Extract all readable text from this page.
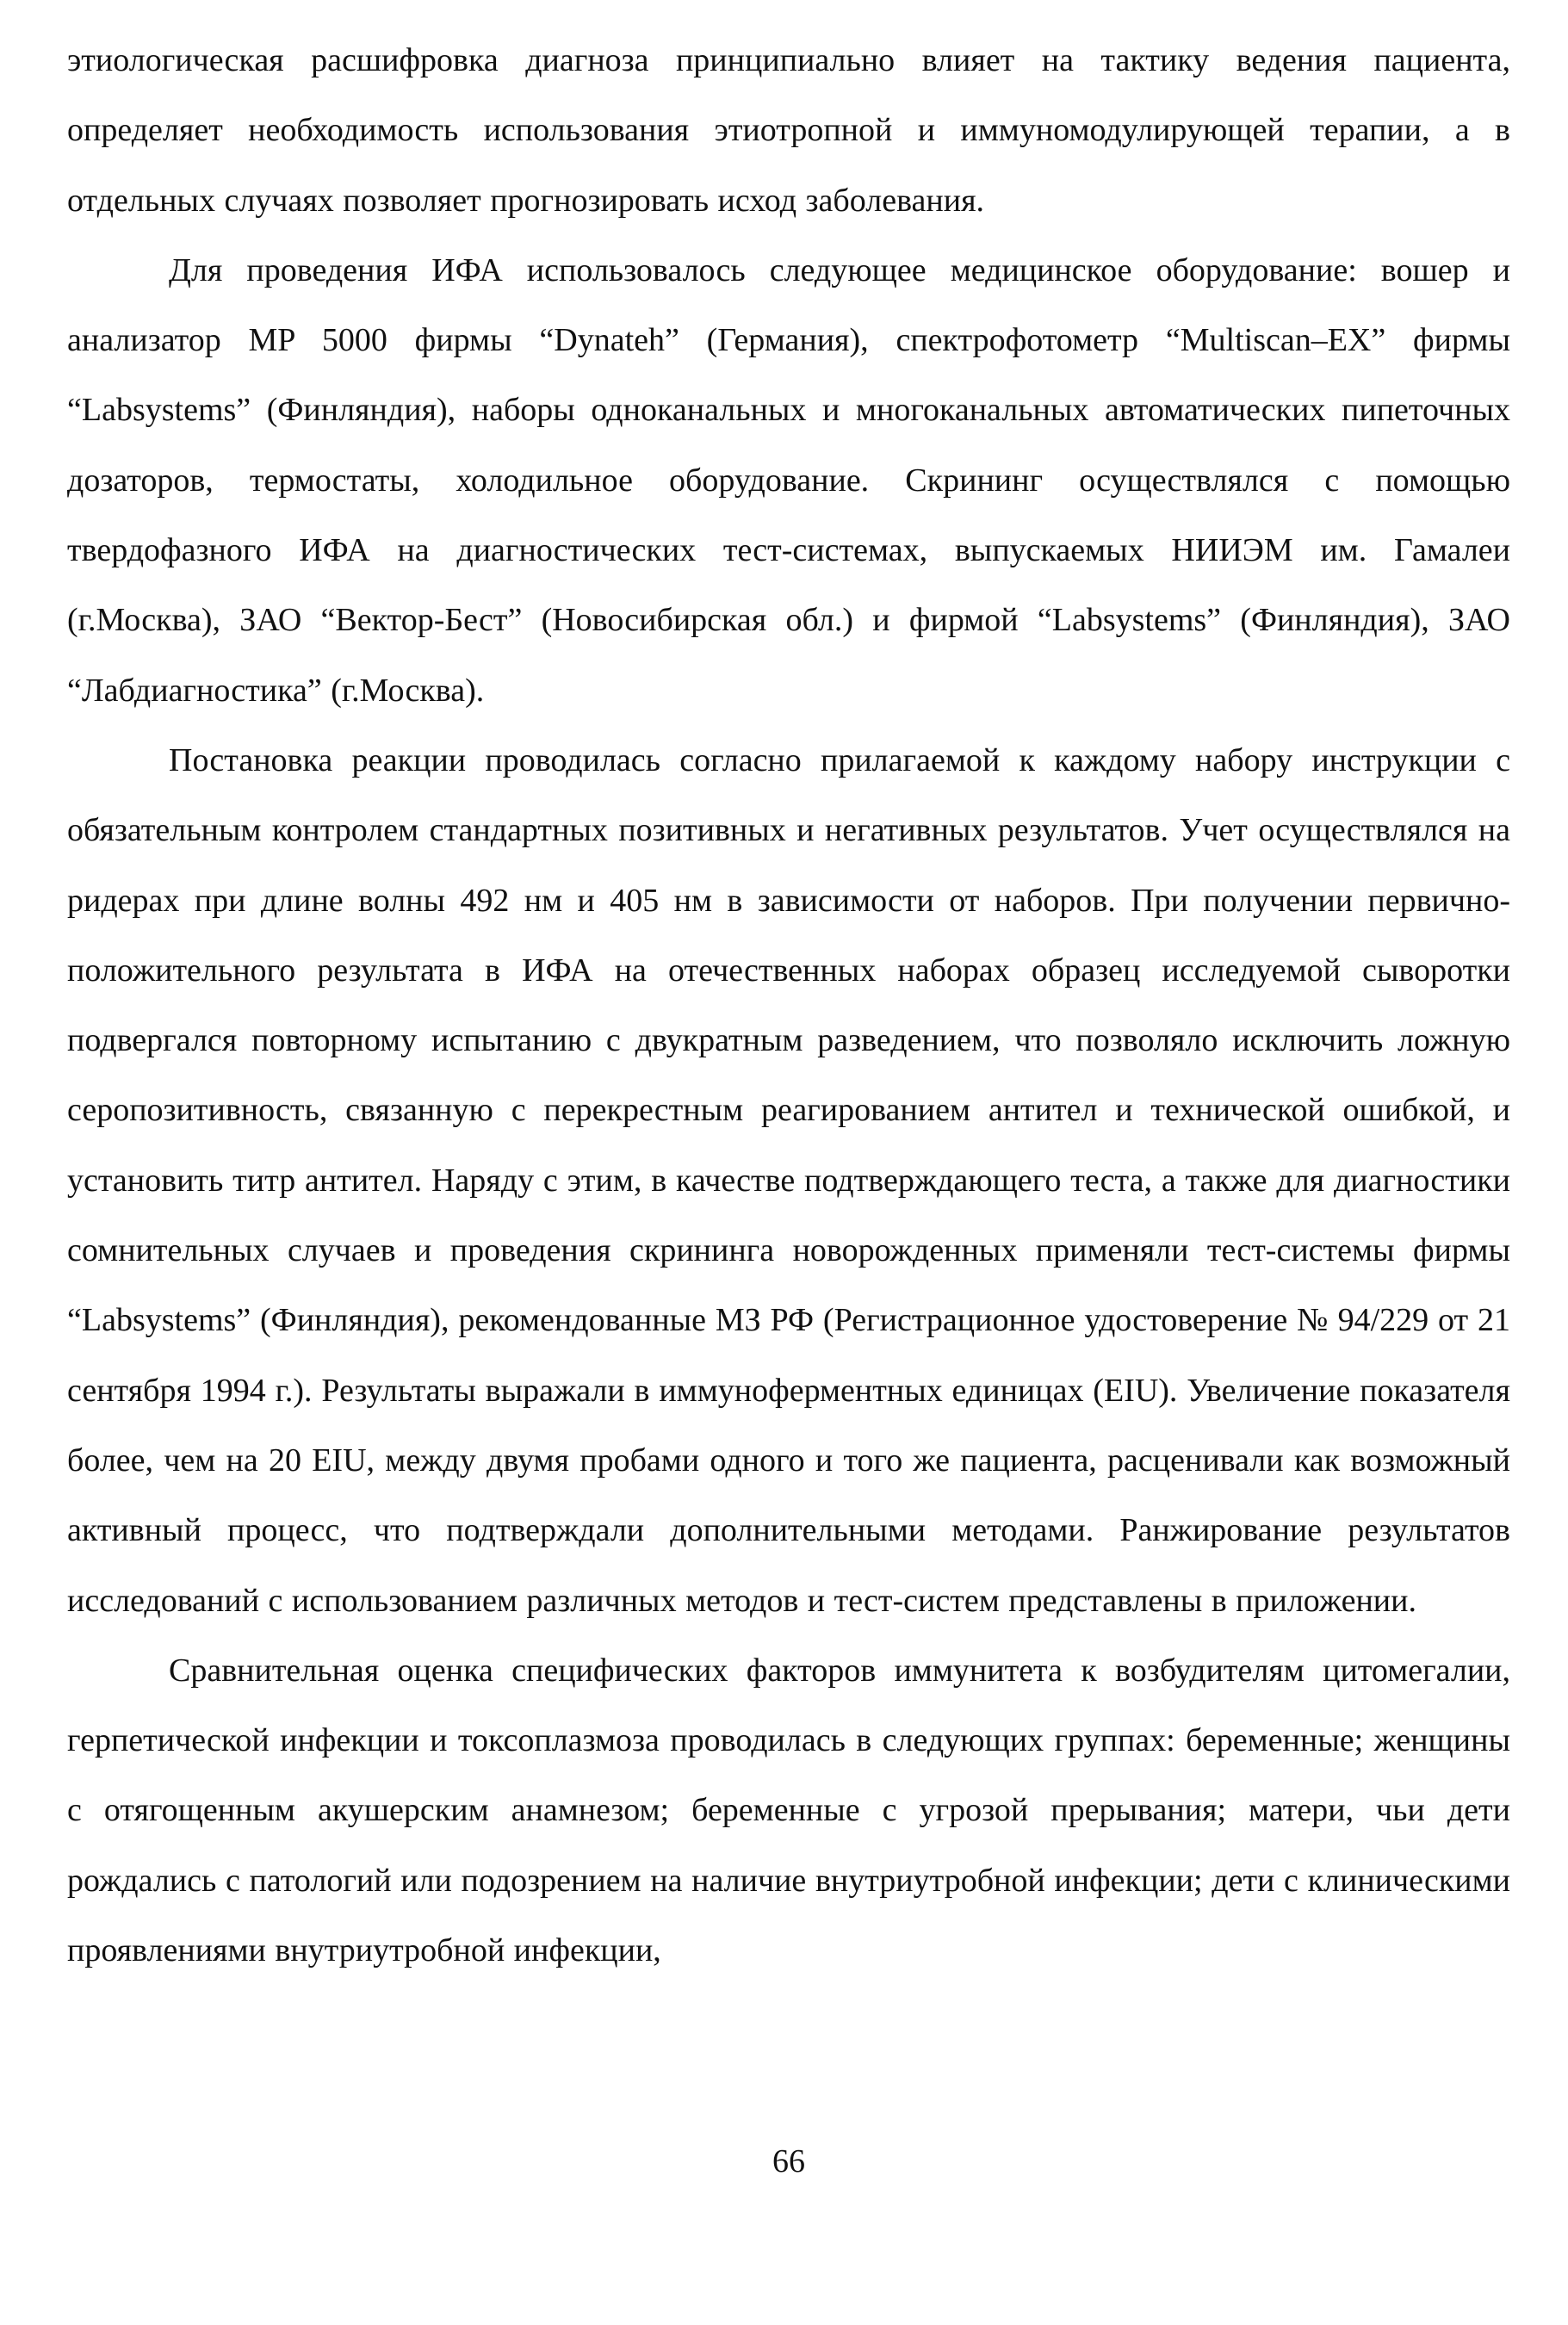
этиологическая расшифровка диагноза принципиально влияет на тактику ведения пациента, определяет необходимость использования этиотропной и иммуномодулирующей терапии, а в отдельных случаях позволяет прогнозировать исход заболевания.

Для проведения ИФА использовалось следующее медицинское оборудование: вошер и анализатор MP 5000 фирмы “Dynateh” (Германия), спектрофотометр “Multiscan–EX” фирмы “Labsystems” (Финляндия), наборы одноканальных и многоканальных автоматических пипеточных дозаторов, термостаты, холодильное оборудование. Скрининг осуществлялся с помощью твердофазного ИФА на диагностических тест-системах, выпускаемых НИИЭМ им. Гамалеи (г.Москва), ЗАО “Вектор-Бест” (Новосибирская обл.) и фирмой “Labsystems” (Финляндия), ЗАО “Лабдиагностика” (г.Москва).

Постановка реакции проводилась согласно прилагаемой к каждому набору инструкции с обязательным контролем стандартных позитивных и негативных результатов. Учет осуществлялся на ридерах при длине волны 492 нм и 405 нм в зависимости от наборов. При получении первично-положительного результата в ИФА на отечественных наборах образец исследуемой сыворотки подвергался повторному испытанию с двукратным разведением, что позволяло исключить ложную серопозитивность, связанную с перекрестным реагированием антител и технической ошибкой, и установить титр антител. Наряду с этим, в качестве подтверждающего теста, а также для диагностики сомнительных случаев и проведения скрининга новорожденных применяли тест-системы фирмы “Labsystems” (Финляндия), рекомендованные МЗ РФ (Регистрационное удостоверение № 94/229 от 21 сентября 1994 г.). Результаты выражали в иммуноферментных единицах (EIU). Увеличение показателя более, чем на 20 EIU, между двумя пробами одного и того же пациента, расценивали как возможный активный процесс, что подтверждали дополнительными методами. Ранжирование результатов исследований с использованием различных методов и тест-систем представлены в приложении.

Сравнительная оценка специфических факторов иммунитета к возбудителям цитомегалии, герпетической инфекции и токсоплазмоза проводилась в следующих группах: беременные; женщины с отягощенным акушерским анамнезом; беременные с угрозой прерывания; матери, чьи дети рождались с патологий или подозрением на наличие внутриутробной инфекции; дети с клиническими проявлениями внутриутробной инфекции,

66
